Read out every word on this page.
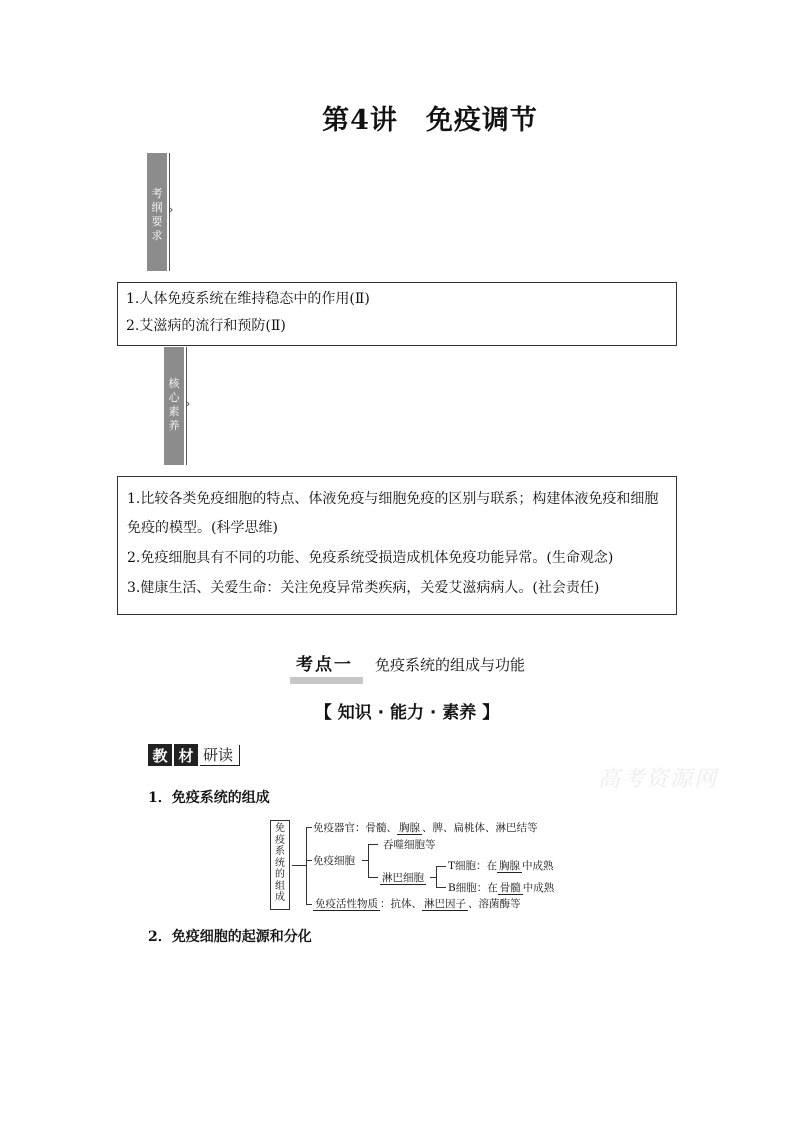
第4讲 免疫调节
考纲要求
›

1.人体免疫系统在维持稳态中的作用(Ⅱ)

2.艾滋病的流行和预防(Ⅱ)

核心素养
›

1.比较各类免疫细胞的特点、体液免疫与细胞免疫的区别与联系；构建体液免疫和细胞免疫的模型。(科学思维)

2.免疫细胞具有不同的功能、免疫系统受损造成机体免疫功能异常。(生命观念)

3.健康生活、关爱生命：关注免疫异常类疾病，关爱艾滋病病人。(社会责任)

考点一 免疫系统的组成与功能
【 知识 · 能力 · 素养 】
教 材 研读
高考资源网
1．免疫系统的组成
免疫系统的组成
免疫器官：骨髓、 胸腺 、脾、扁桃体、淋巴结等
免疫细胞
吞噬细胞等
淋巴细胞
T细胞：在 胸腺 中成熟
B细胞：在 骨髓 中成熟
免疫活性物质 ：抗体、 淋巴因子 、溶菌酶等
2．免疫细胞的起源和分化
